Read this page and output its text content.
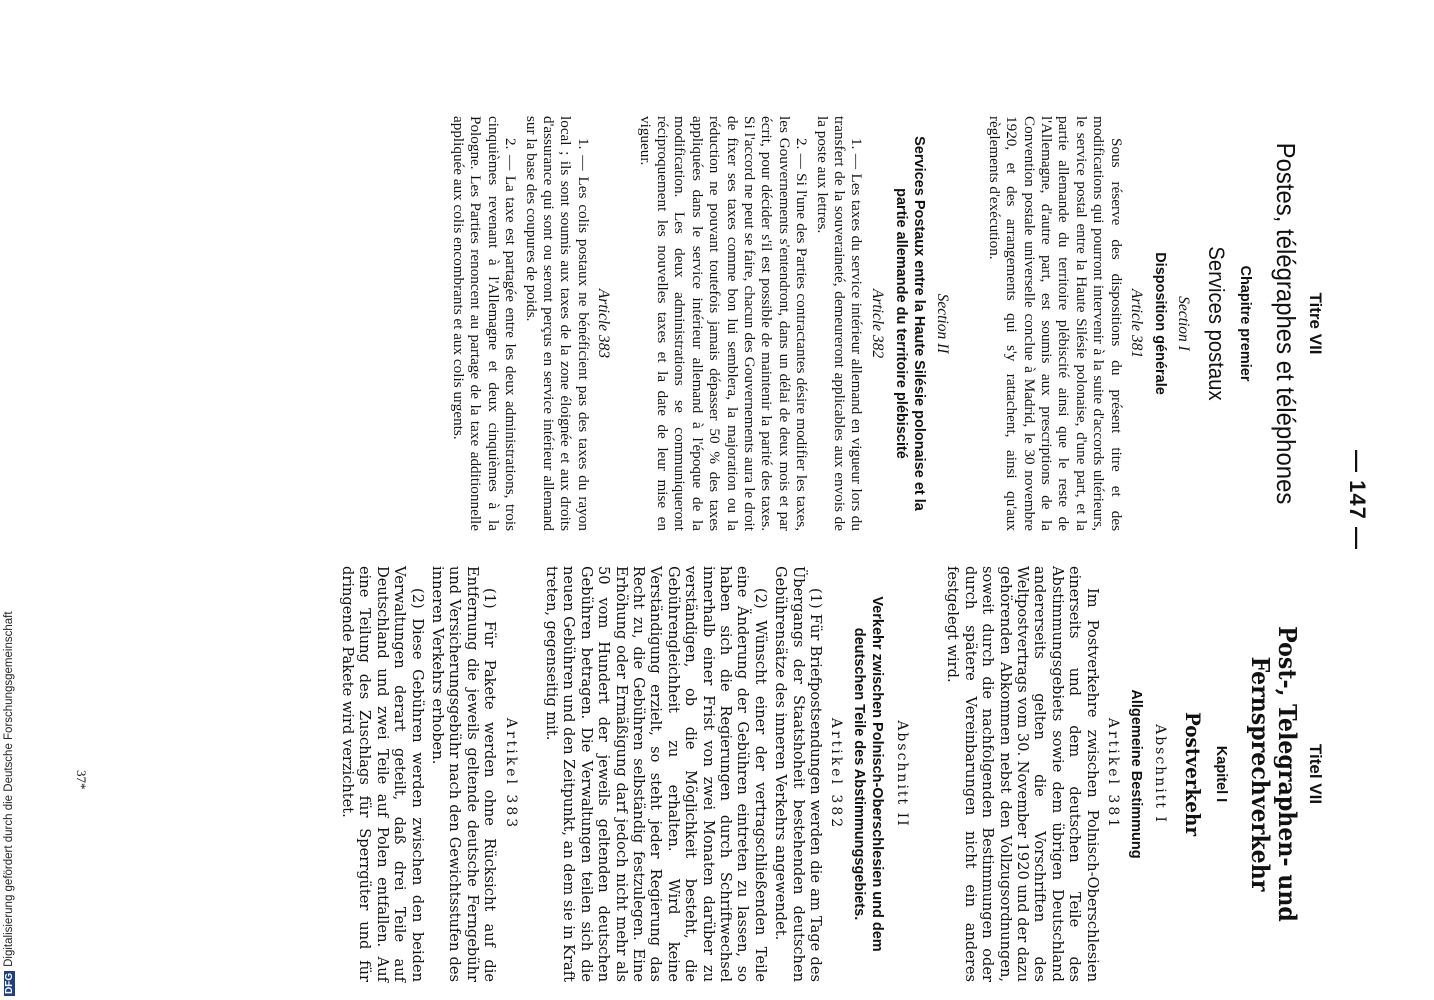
— 147 —
Titre VII
Postes, télégraphes et téléphones
Chapitre premier
Services postaux
Section I
Disposition générale
Article 381

Sous réserve des dispositions du présent titre et des modifications qui pourront intervenir à la suite d'accords ultérieurs, le service postal entre la Haute Silésie polonaise, d'une part, et la partie allemande du territoire plébiscité ainsi que le reste de l'Allemagne, d'autre part, est soumis aux prescriptions de la Convention postale universelle conclue à Madrid, le 30 novembre 1920, et des arrangements qui s'y rattachent, ainsi qu'aux règlements d'exécution.

Section II
Services Postaux entre la Haute Silésie polonaise et la partie allemande du territoire plébiscité
Article 382

1. — Les taxes du service intérieur allemand en vigueur lors du transfert de la souveraineté, demeureront applicables aux envois de la poste aux lettres.

2. — Si l'une des Parties contractantes désire modifier les taxes, les Gouvernements s'entendront, dans un délai de deux mois et par écrit, pour décider s'il est possible de maintenir la parité des taxes. Si l'accord ne peut se faire, chacun des Gouvernements aura le droit de fixer ses taxes comme bon lui semblera, la majoration ou la réduction ne pouvant toutefois jamais dépasser 50 % des taxes appliquées dans le service intérieur allemand à l'époque de la modification. Les deux administrations se communiqueront réciproquement les nouvelles taxes et la date de leur mise en vigueur.

Article 383

1. — Les colis postaux ne bénéficient pas des taxes du rayon local ; ils sont soumis aux taxes de la zone éloignée et aux droits d'assurance qui sont ou seront perçus en service intérieur allemand sur la base des coupures de poids.

2. — La taxe est partagée entre les deux administrations, trois cinquièmes revenant à l'Allemagne et deux cinquièmes à la Pologne. Les Parties renoncent au partage de la taxe additionnelle appliquée aux colis encombrants et aux colis urgents.

Titel VII
Post-, Telegraphen- und Fernsprechverkehr
Kapitel I
Postverkehr
Abschnitt I
Allgemeine Bestimmung
Artikel 381

Im Postverkehre zwischen Polnisch-Oberschlesien einerseits und dem deutschen Teile des Abstimmungsgebiets sowie dem übrigen Deutschland andererseits gelten die Vorschriften des Weltpostvertrags vom 30. November 1920 und der dazu gehörenden Abkommen nebst den Vollzugsordnungen, soweit durch die nachfolgenden Bestimmungen oder durch spätere Vereinbarungen nicht ein anderes festgelegt wird.

Abschnitt II
Verkehr zwischen Polnisch-Oberschlesien und dem deutschen Teile des Abstimmungsgebiets.
Artikel 382

(1) Für Briefpostsendungen werden die am Tage des Übergangs der Staatshoheit bestehenden deutschen Gebührensätze des inneren Verkehrs angewendet.

(2) Wünscht einer der vertragschließenden Teile eine Änderung der Gebühren eintreten zu lassen, so haben sich die Regierungen durch Schriftwechsel innerhalb einer Frist von zwei Monaten darüber zu verständigen, ob die Möglichkeit besteht, die Gebührengleichheit zu erhalten. Wird keine Verständigung erzielt, so steht jeder Regierung das Recht zu, die Gebühren selbständig festzulegen. Eine Erhöhung oder Ermäßigung darf jedoch nicht mehr als 50 vom Hundert der jeweils geltenden deutschen Gebühren betragen. Die Verwaltungen teilen sich die neuen Gebühren und den Zeitpunkt, an dem sie in Kraft treten, gegenseitig mit.

Artikel 383

(1) Für Pakete werden ohne Rücksicht auf die Entfernung die jeweils geltende deutsche Ferngebühr und Versicherungsgebühr nach den Gewichtsstufen des inneren Verkehrs erhoben.

(2) Diese Gebühren werden zwischen den beiden Verwaltungen derart geteilt, daß drei Teile auf Deutschland und zwei Teile auf Polen entfallen. Auf eine Teilung des Zuschlags für Sperrgüter und für dringende Pakete wird verzichtet.

37*
DFGDigitalisierung gefördert durch die Deutsche Forschungsgemeinschaft
